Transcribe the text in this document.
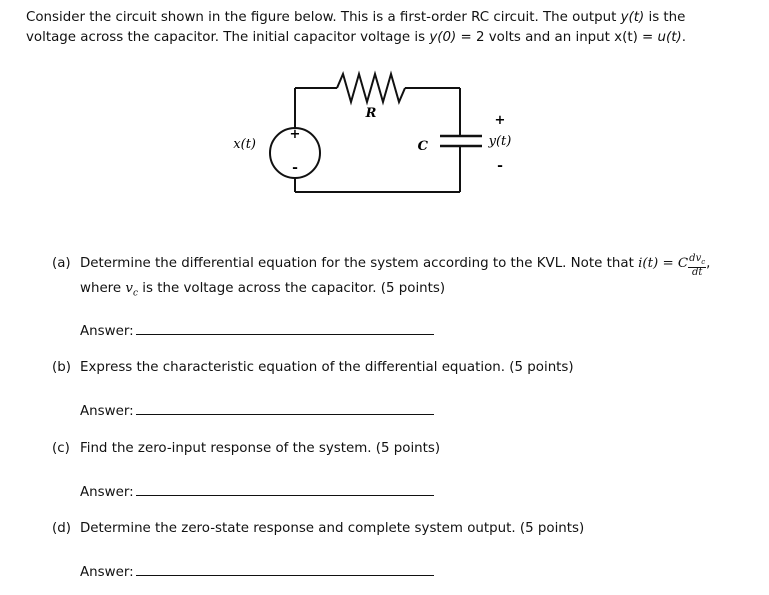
Consider the circuit shown in the figure below. This is a first-order RC circuit. The output y(t) is the
voltage across the capacitor. The initial capacitor voltage is y(0) = 2 volts and an input x(t) = u(t).
x(t)
+
-
R
C
+
y(t)
-
(a) Determine the differential equation for the system according to the KVL. Note that i(t) = C $\frac{dv_c}{dt}$ ,
where $v_c$ is the voltage across the capacitor. (5 points)
Answer:
(b) Express the characteristic equation of the differential equation. (5 points)
Answer:
(c) Find the zero-input response of the system. (5 points)
Answer:
(d) Determine the zero-state response and complete system output. (5 points)
Answer:
